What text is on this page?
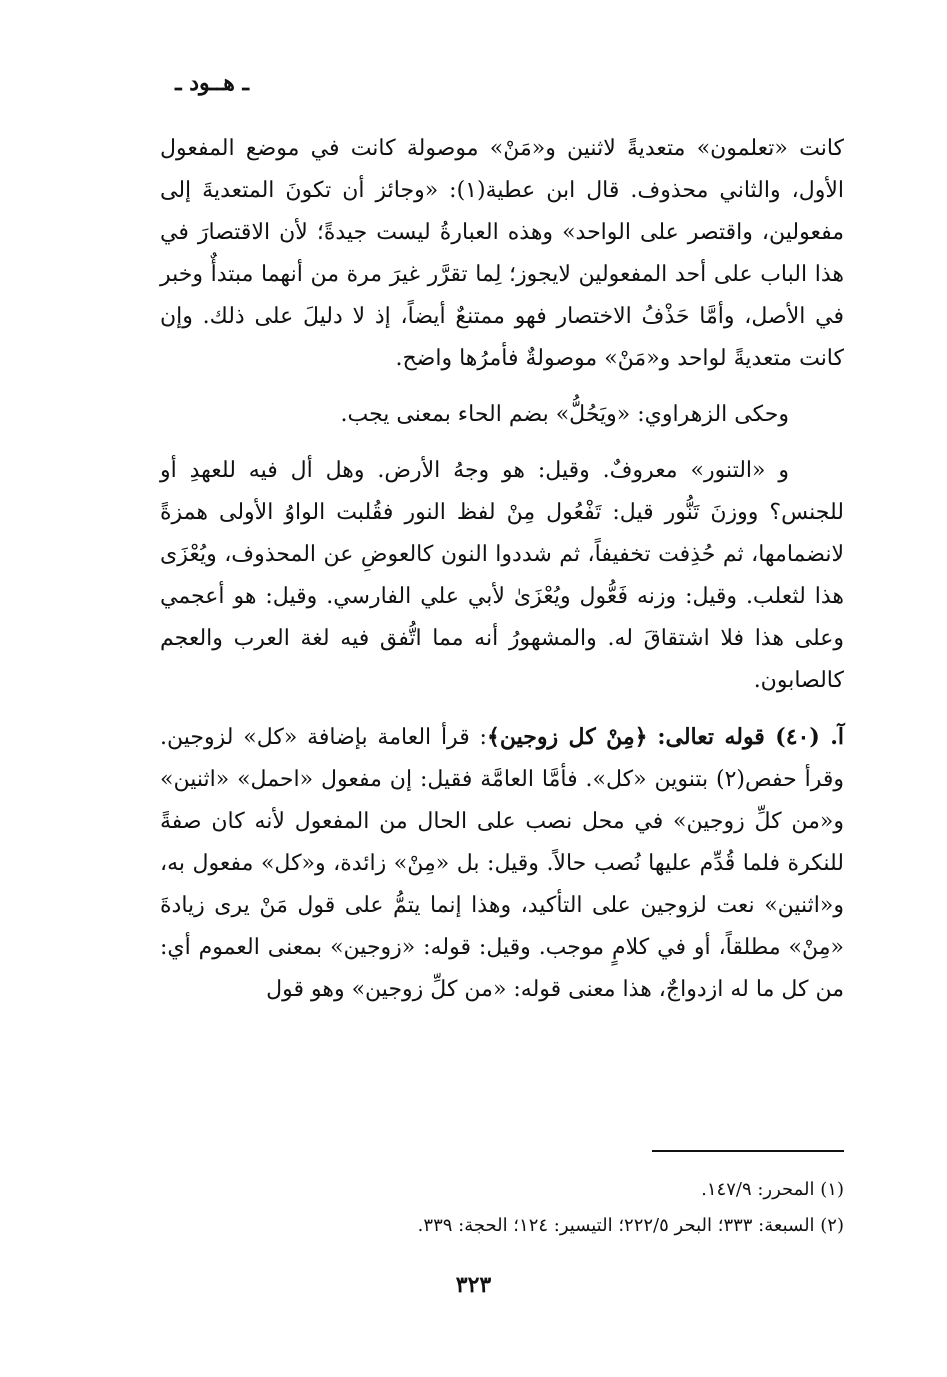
ـ هــود ـ

كانت «تعلمون» متعديةً لاثنين و«مَنْ» موصولة كانت في موضع المفعول الأول، والثاني محذوف. قال ابن عطية(١): «وجائز أن تكونَ المتعديةَ إلى مفعولين، واقتصر على الواحد» وهذه العبارةُ ليست جيدةً؛ لأن الاقتصارَ في هذا الباب على أحد المفعولين لايجوز؛ لِما تقرَّر غيرَ مرة من أنهما مبتدأٌ وخبر في الأصل، وأمَّا حَذْفُ الاختصار فهو ممتنعٌ أيضاً، إذ لا دليلَ على ذلك. وإن كانت متعديةً لواحد و«مَنْ» موصولةٌ فأمرُها واضح.

وحكى الزهراوي: «ويَحُلُّ» بضم الحاء بمعنى يجب.

و «التنور» معروفٌ. وقيل: هو وجهُ الأرض. وهل أل فيه للعهدِ أو للجنس؟ ووزنَ تَنُّور قيل: تَفْعُول مِنْ لفظ النور فقُلبت الواوُ الأولى همزةً لانضمامها، ثم حُذِفت تخفيفاً، ثم شددوا النون كالعوضِ عن المحذوف، ويُعْزَى هذا لثعلب. وقيل: وزنه فَعُّول ويُعْزَىٰ لأبي علي الفارسي. وقيل: هو أعجمي وعلى هذا فلا اشتقاقَ له. والمشهورُ أنه مما اتُّفق فيه لغة العرب والعجم كالصابون.

آ. (٤٠) قوله تعالى: ﴿مِنْ كل زوجين﴾: قرأ العامة بإضافة «كل» لزوجين. وقرأ حفص(٢) بتنوين «كل». فأمَّا العامَّة فقيل: إن مفعول «احمل» «اثنين» و«من كلِّ زوجين» في محل نصب على الحال من المفعول لأنه كان صفةً للنكرة فلما قُدِّم عليها نُصب حالاً. وقيل: بل «مِنْ» زائدة، و«كل» مفعول به، و«اثنين» نعت لزوجين على التأكيد، وهذا إنما يتمُّ على قول مَنْ يرى زيادةَ «مِنْ» مطلقاً، أو في كلامٍ موجب. وقيل: قوله: «زوجين» بمعنى العموم أي: من كل ما له ازدواجٌ، هذا معنى قوله: «من كلِّ زوجين» وهو قول

(١) المحرر: ١٤٧/٩.
(٢) السبعة: ٣٣٣؛ البحر ٢٢٢/٥؛ التيسير: ١٢٤؛ الحجة: ٣٣٩.
٣٢٣
